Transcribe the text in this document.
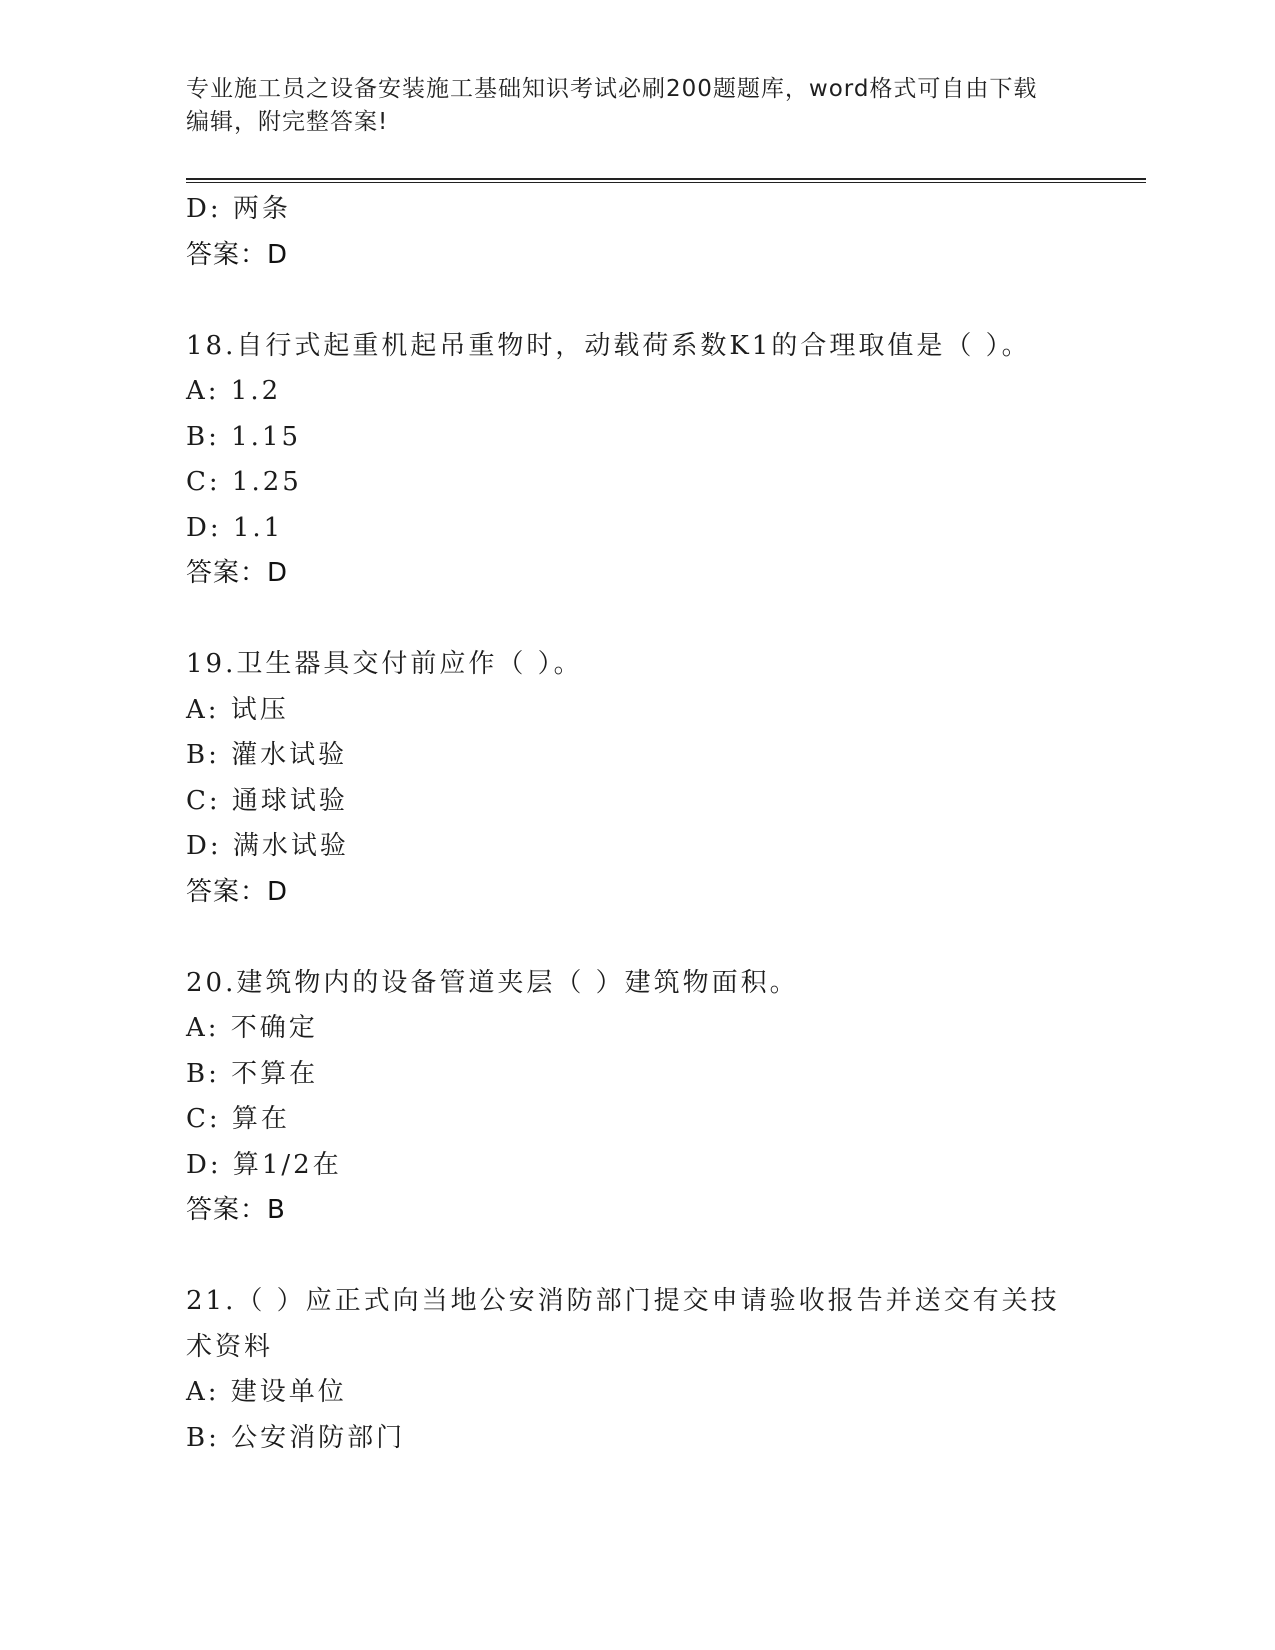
专业施工员之设备安装施工基础知识考试必刷200题题库，word格式可自由下载
编辑，附完整答案!
D: 两条
答案：D
18.自行式起重机起吊重物时，动载荷系数K1的合理取值是（ ）。
A: 1.2
B: 1.15
C: 1.25
D: 1.1
答案：D
19.卫生器具交付前应作（ ）。
A: 试压
B: 灌水试验
C: 通球试验
D: 满水试验
答案：D
20.建筑物内的设备管道夹层（ ）建筑物面积。
A: 不确定
B: 不算在
C: 算在
D: 算1/2在
答案：B
21.（ ）应正式向当地公安消防部门提交申请验收报告并送交有关技
术资料
A: 建设单位
B: 公安消防部门
